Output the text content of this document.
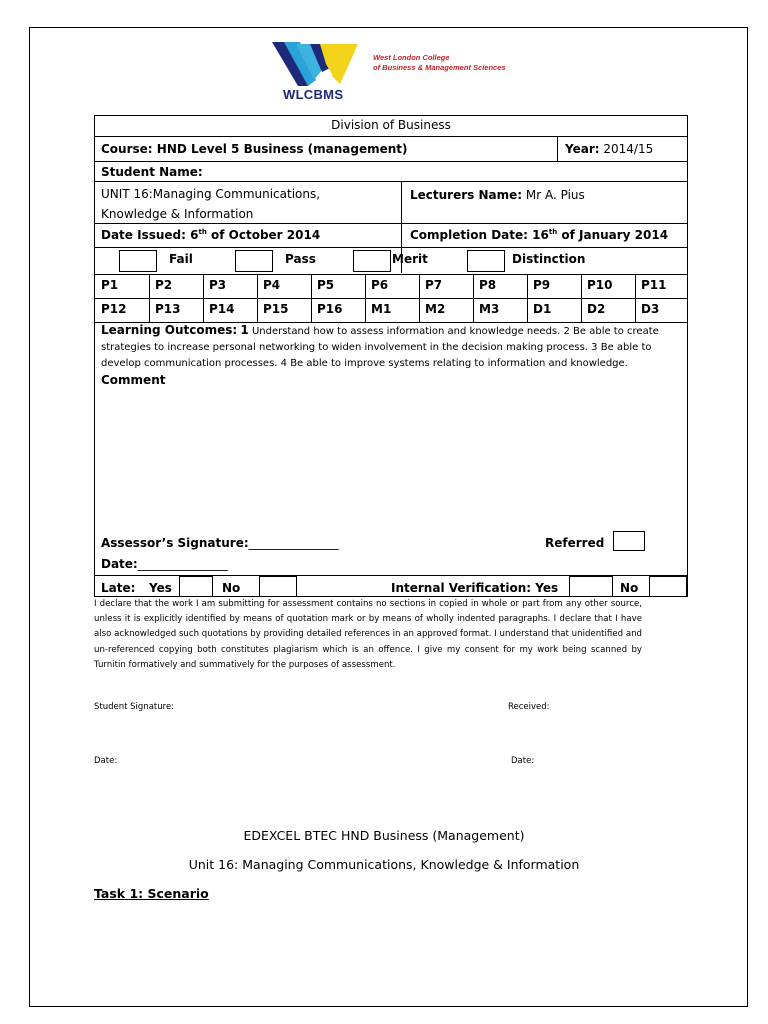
West London College
of Business & Management Sciences
WLCBMS
Division of Business
Course: HND Level 5 Business (management)	Year: 2014/15
Student Name:
UNIT 16:Managing Communications,
Knowledge & Information
Lecturers Name: Mr A. Pius
Date Issued: 6th of October 2014	Completion Date: 16th of January 2014
Fail	Pass	Merit	Distinction
P1	P2	P3	P4	P5	P6	P7	P8	P9	P10 P11
P12 P13 P14 P15 P16 M1	M2	M3	D1	D2	D3
Learning Outcomes: 1 Understand how to assess information and knowledge needs. 2 Be able to create strategies to increase personal networking to widen involvement in the decision making process. 3 Be able to develop communication processes. 4 Be able to improve systems relating to information and knowledge.
Comment
Assessor’s Signature:_______________	Referred
Date:_______________
Late: Yes	No	Internal Verification: Yes	No
I declare that the work I am submitting for assessment contains no sections in copied in whole or part from any other source, unless it is explicitly identified by means of quotation mark or by means of wholly indented paragraphs. I declare that I have also acknowledged such quotations by providing detailed references in an approved format. I understand that unidentified and un-referenced copying both constitutes plagiarism which is an offence. I give my consent for my work being scanned by Turnitin formatively and summatively for the purposes of assessment.
Student Signature:	Received:
Date:	Date:
EDEXCEL BTEC HND Business (Management)
Unit 16: Managing Communications, Knowledge & Information
Task 1: Scenario
